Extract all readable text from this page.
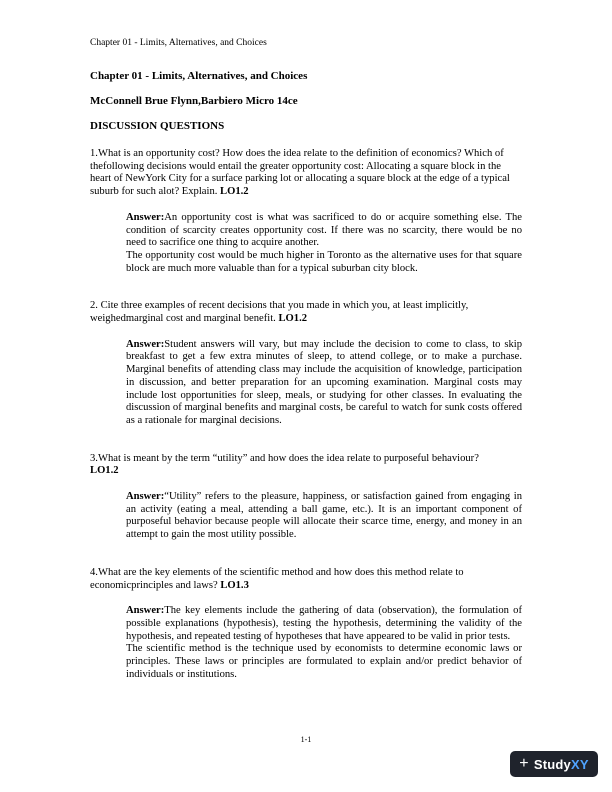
Chapter 01 - Limits, Alternatives, and Choices

Chapter 01 - Limits, Alternatives, and Choices

McConnell Brue Flynn,Barbiero Micro 14ce

DISCUSSION QUESTIONS

1.What is an opportunity cost? How does the idea relate to the definition of economics? Which of thefollowing decisions would entail the greater opportunity cost: Allocating a square block in the heart of NewYork City for a surface parking lot or allocating a square block at the edge of a typical suburb for such alot? Explain. LO1.2

Answer:An opportunity cost is what was sacrificed to do or acquire something else. The condition of scarcity creates opportunity cost. If there was no scarcity, there would be no need to sacrifice one thing to acquire another.

The opportunity cost would be much higher in Toronto as the alternative uses for that square block are much more valuable than for a typical suburban city block.

2. Cite three examples of recent decisions that you made in which you, at least implicitly, weighedmarginal cost and marginal benefit. LO1.2

Answer:Student answers will vary, but may include the decision to come to class, to skip breakfast to get a few extra minutes of sleep, to attend college, or to make a purchase. Marginal benefits of attending class may include the acquisition of knowledge, participation in discussion, and better preparation for an upcoming examination. Marginal costs may include lost opportunities for sleep, meals, or studying for other classes. In evaluating the discussion of marginal benefits and marginal costs, be careful to watch for sunk costs offered as a rationale for marginal decisions.

3.What is meant by the term “utility” and how does the idea relate to purposeful behaviour?
LO1.2

Answer:“Utility” refers to the pleasure, happiness, or satisfaction gained from engaging in an activity (eating a meal, attending a ball game, etc.). It is an important component of purposeful behavior because people will allocate their scarce time, energy, and money in an attempt to gain the most utility possible.

4.What are the key elements of the scientific method and how does this method relate to economicprinciples and laws? LO1.3

Answer:The key elements include the gathering of data (observation), the formulation of possible explanations (hypothesis), testing the hypothesis, determining the validity of the hypothesis, and repeated testing of hypotheses that have appeared to be valid in prior tests.

The scientific method is the technique used by economists to determine economic laws or principles. These laws or principles are formulated to explain and/or predict behavior of individuals or institutions.

1-1
+ Study XY
